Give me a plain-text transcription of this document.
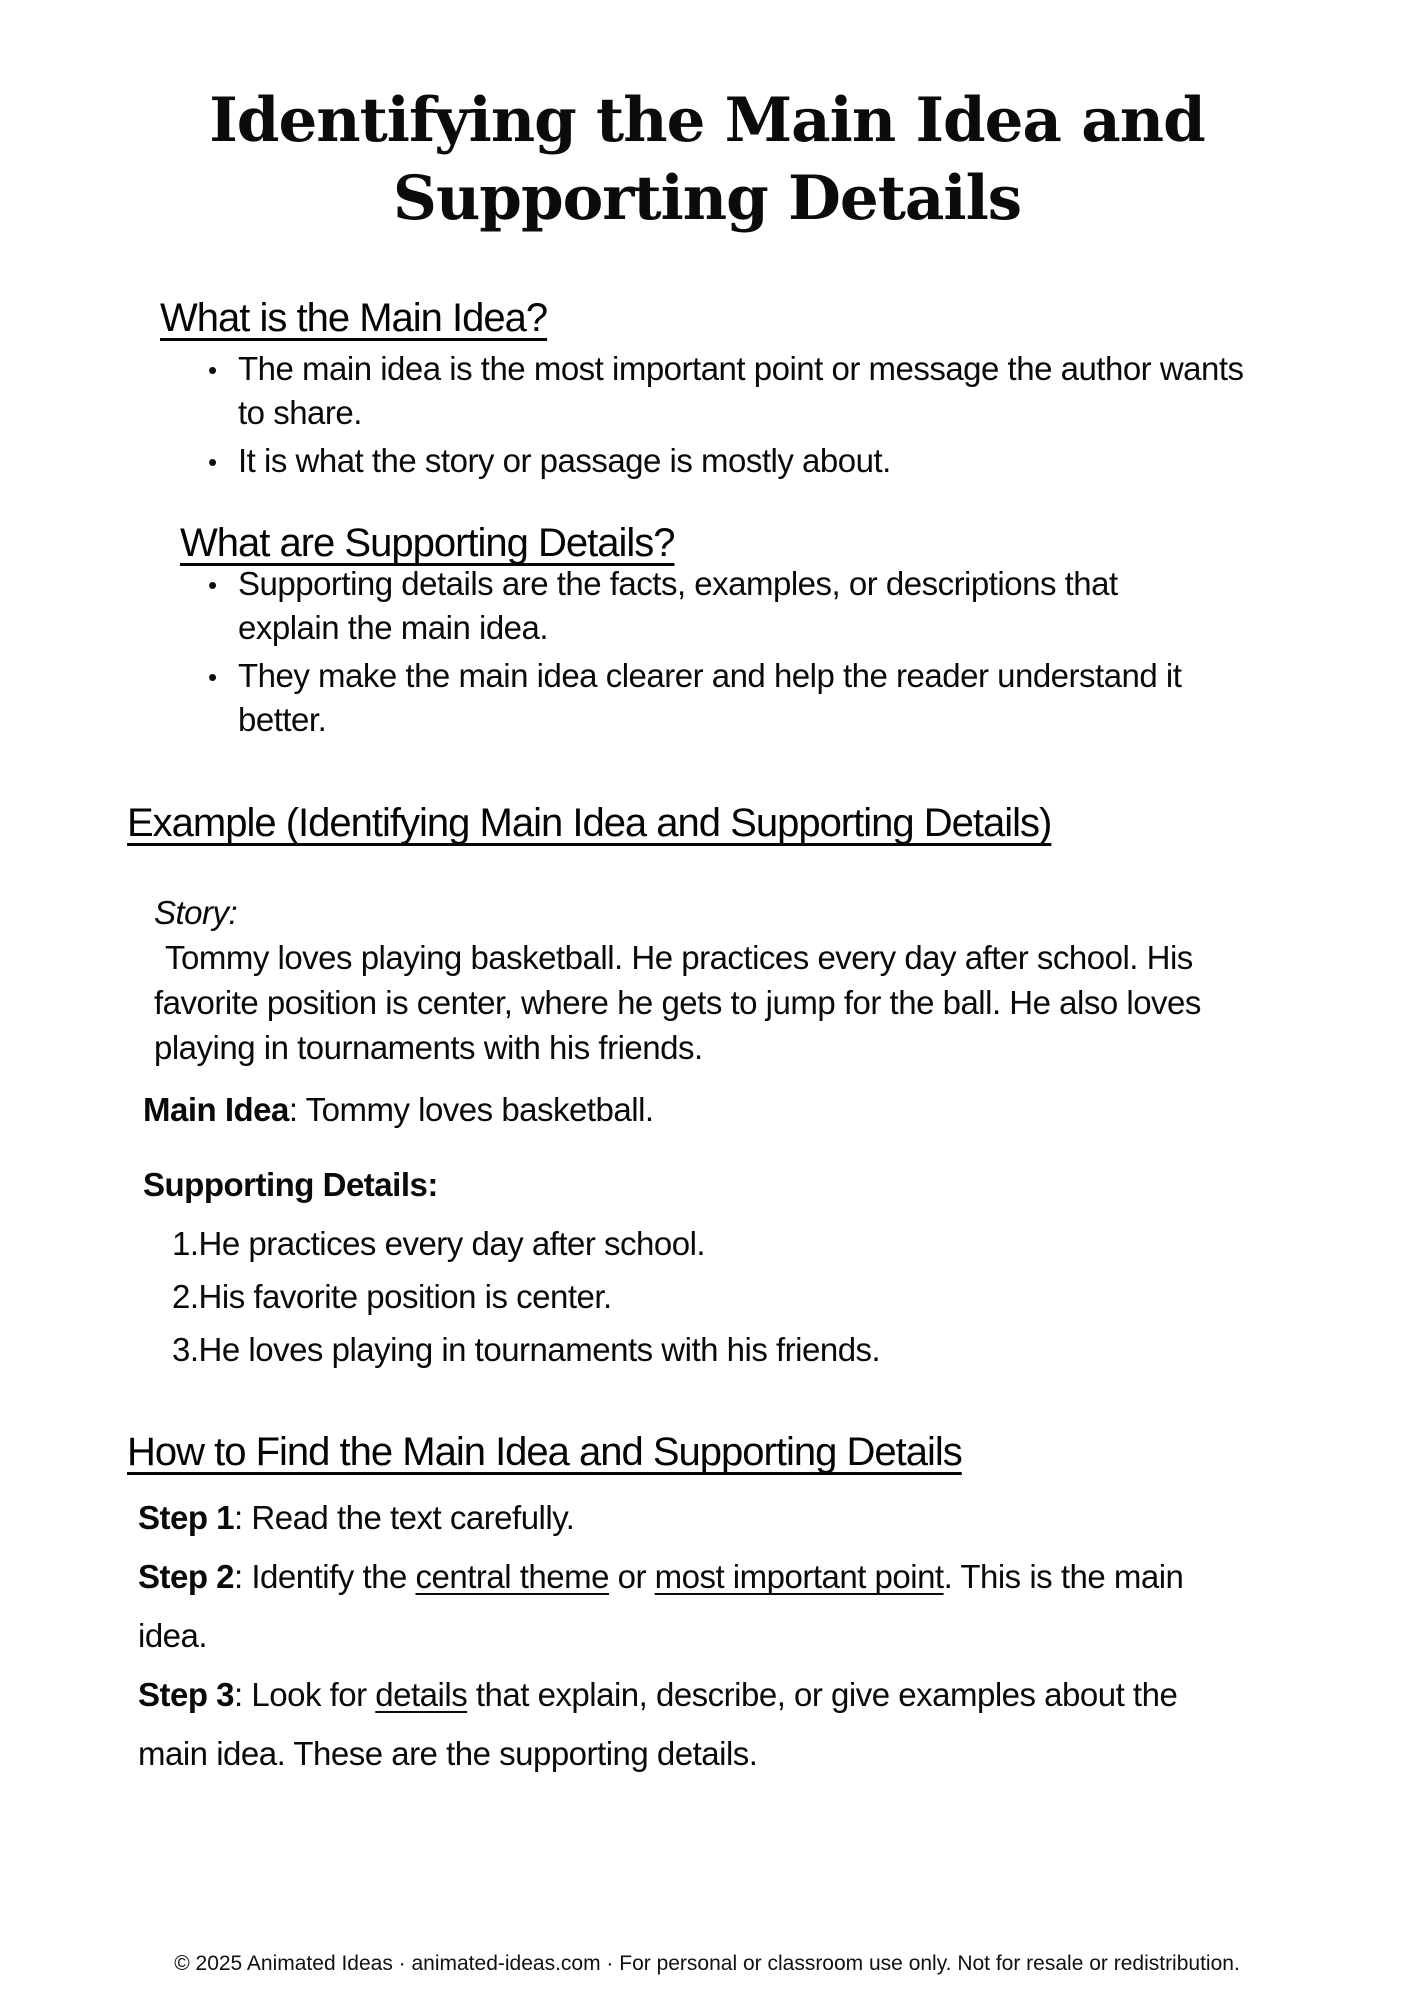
Identifying the Main Idea and
Supporting Details
What is the Main Idea?
• The main idea is the most important point or message the author wants
to share.
• It is what the story or passage is mostly about.
What are Supporting Details?
• Supporting details are the facts, examples, or descriptions that
explain the main idea.
• They make the main idea clearer and help the reader understand it
better.
Example (Identifying Main Idea and Supporting Details)
Story:
Tommy loves playing basketball. He practices every day after school. His
favorite position is center, where he gets to jump for the ball. He also loves
playing in tournaments with his friends.
Main Idea: Tommy loves basketball.
Supporting Details:
1.He practices every day after school.
2.His favorite position is center.
3.He loves playing in tournaments with his friends.
How to Find the Main Idea and Supporting Details
Step 1: Read the text carefully.
Step 2: Identify the central theme or most important point. This is the main
idea.
Step 3: Look for details that explain, describe, or give examples about the
main idea. These are the supporting details.
© 2025 Animated Ideas · animated-ideas.com · For personal or classroom use only. Not for resale or redistribution.
